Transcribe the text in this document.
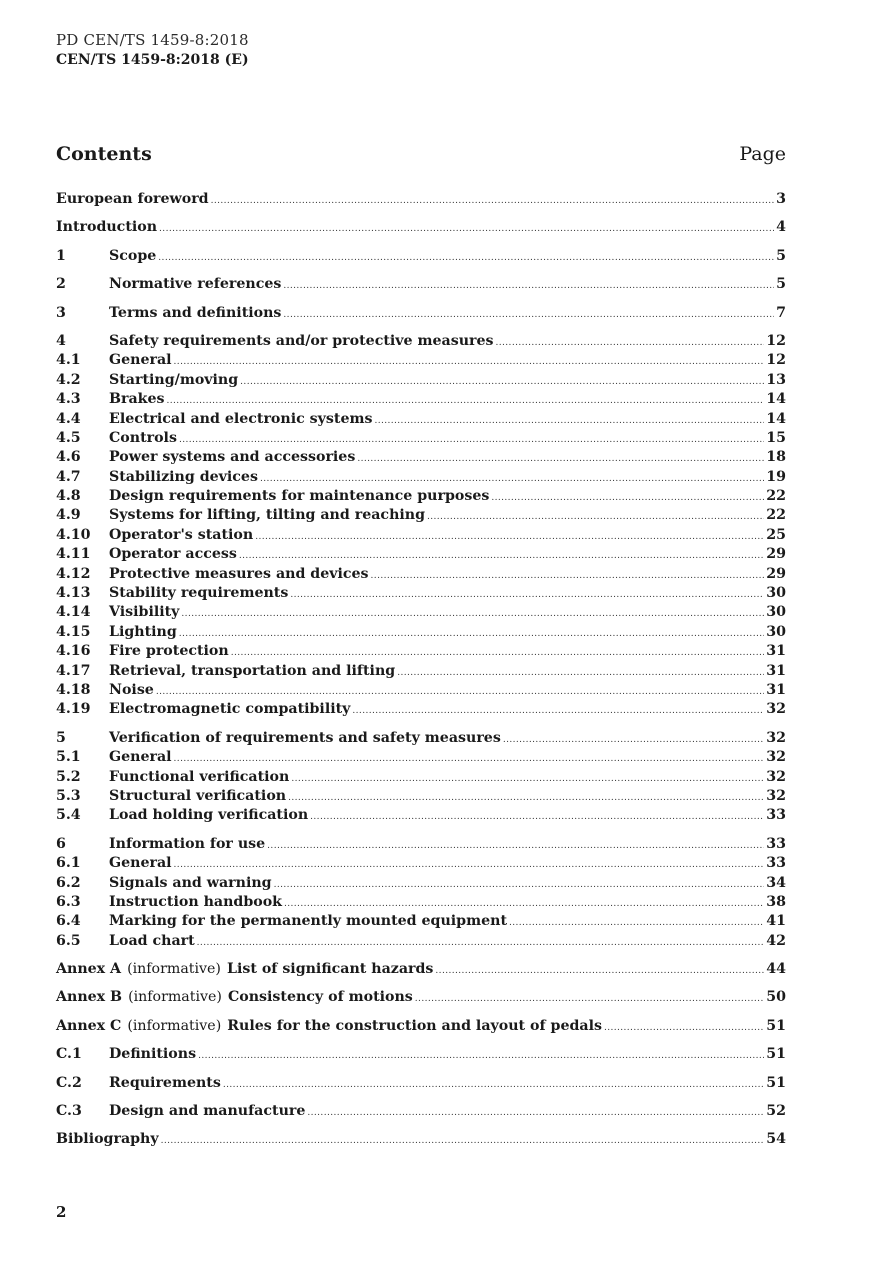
PD CEN/TS 1459-8:2018
CEN/TS 1459-8:2018 (E)
Contents	Page
European foreword .....	3
Introduction .....	4
1	Scope .....	5
2	Normative references .....	5
3	Terms and definitions .....	7
4	Safety requirements and/or protective measures .....	12
4.1	General .....	12
4.2	Starting/moving .....	13
4.3	Brakes .....	14
4.4	Electrical and electronic systems .....	14
4.5	Controls .....	15
4.6	Power systems and accessories .....	18
4.7	Stabilizing devices .....	19
4.8	Design requirements for maintenance purposes .....	22
4.9	Systems for lifting, tilting and reaching .....	22
4.10	Operator's station .....	25
4.11	Operator access .....	29
4.12	Protective measures and devices .....	29
4.13	Stability requirements .....	30
4.14	Visibility .....	30
4.15	Lighting .....	30
4.16	Fire protection .....	31
4.17	Retrieval, transportation and lifting .....	31
4.18	Noise .....	31
4.19	Electromagnetic compatibility .....	32
5	Verification of requirements and safety measures .....	32
5.1	General .....	32
5.2	Functional verification .....	32
5.3	Structural verification .....	32
5.4	Load holding verification .....	33
6	Information for use .....	33
6.1	General .....	33
6.2	Signals and warning .....	34
6.3	Instruction handbook .....	38
6.4	Marking for the permanently mounted equipment .....	41
6.5	Load chart .....	42
Annex A (informative) List of significant hazards .....	44
Annex B (informative) Consistency of motions .....	50
Annex C (informative) Rules for the construction and layout of pedals .....	51
C.1	Definitions .....	51
C.2	Requirements .....	51
C.3	Design and manufacture .....	52
Bibliography .....	54
2
